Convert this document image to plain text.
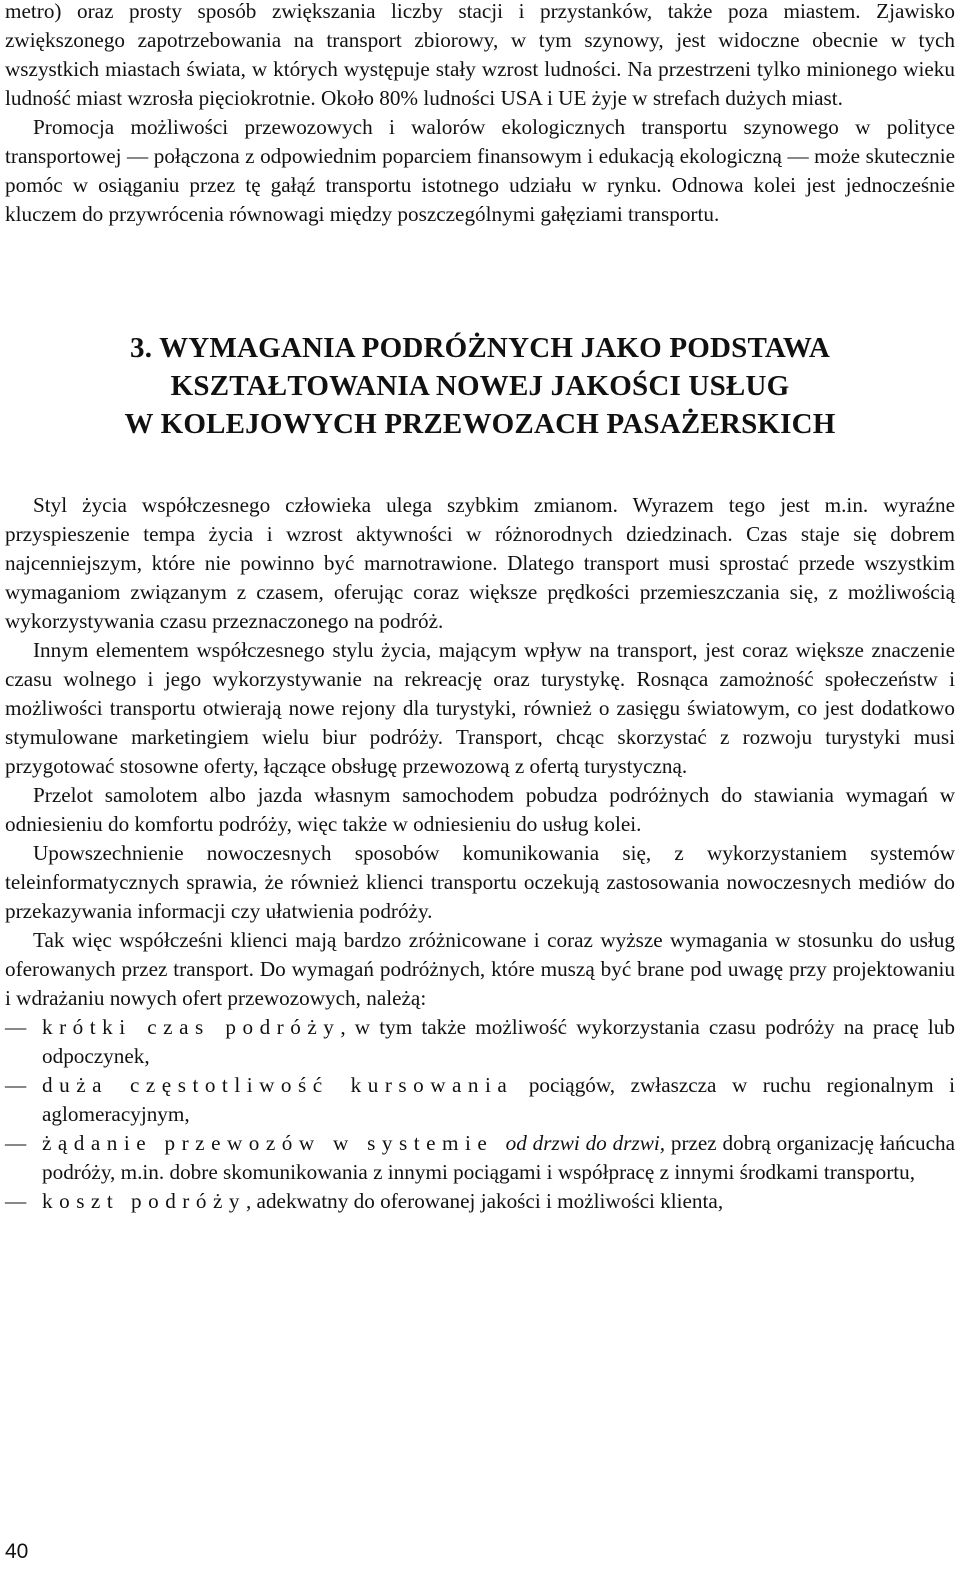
metro) oraz prosty sposób zwiększania liczby stacji i przystanków, także poza miastem. Zjawisko zwiększonego zapotrzebowania na transport zbiorowy, w tym szynowy, jest widoczne obecnie w tych wszystkich miastach świata, w których występuje stały wzrost ludności. Na przestrzeni tylko minionego wieku ludność miast wzrosła pięciokrotnie. Około 80% ludności USA i UE żyje w strefach dużych miast.

Promocja możliwości przewozowych i walorów ekologicznych transportu szynowego w polityce transportowej — połączona z odpowiednim poparciem finansowym i edukacją ekologiczną — może skutecznie pomóc w osiąganiu przez tę gałąź transportu istotnego udziału w rynku. Odnowa kolei jest jednocześnie kluczem do przywrócenia równowagi między poszczególnymi gałęziami transportu.

3. WYMAGANIA PODRÓŻNYCH JAKO PODSTAWA
KSZTAŁTOWANIA NOWEJ JAKOŚCI USŁUG
W KOLEJOWYCH PRZEWOZACH PASAŻERSKICH

Styl życia współczesnego człowieka ulega szybkim zmianom. Wyrazem tego jest m.in. wyraźne przyspieszenie tempa życia i wzrost aktywności w różnorodnych dziedzinach. Czas staje się dobrem najcenniejszym, które nie powinno być marnotrawione. Dlatego transport musi sprostać przede wszystkim wymaganiom związanym z czasem, oferując coraz większe prędkości przemieszczania się, z możliwością wykorzystywania czasu przeznaczonego na podróż.

Innym elementem współczesnego stylu życia, mającym wpływ na transport, jest coraz większe znaczenie czasu wolnego i jego wykorzystywanie na rekreację oraz turystykę. Rosnąca zamożność społeczeństw i możliwości transportu otwierają nowe rejony dla turystyki, również o zasięgu światowym, co jest dodatkowo stymulowane marketingiem wielu biur podróży. Transport, chcąc skorzystać z rozwoju turystyki musi przygotować stosowne oferty, łączące obsługę przewozową z ofertą turystyczną.

Przelot samolotem albo jazda własnym samochodem pobudza podróżnych do stawiania wymagań w odniesieniu do komfortu podróży, więc także w odniesieniu do usług kolei.

Upowszechnienie nowoczesnych sposobów komunikowania się, z wykorzystaniem systemów teleinformatycznych sprawia, że również klienci transportu oczekują zastosowania nowoczesnych mediów do przekazywania informacji czy ułatwienia podróży.

Tak więc współcześni klienci mają bardzo zróżnicowane i coraz wyższe wymagania w stosunku do usług oferowanych przez transport. Do wymagań podróżnych, które muszą być brane pod uwagę przy projektowaniu i wdrażaniu nowych ofert przewozowych, należą:

— krótki czas podróży, w tym także możliwość wykorzystania czasu podróży na pracę lub odpoczynek,
— duża częstotliwość kursowania pociągów, zwłaszcza w ruchu regionalnym i aglomeracyjnym,
— żądanie przewozów w systemie od drzwi do drzwi, przez dobrą organizację łańcucha podróży, m.in. dobre skomunikowania z innymi pociągami i współpracę z innymi środkami transportu,
— koszt podróży, adekwatny do oferowanej jakości i możliwości klienta,
40
